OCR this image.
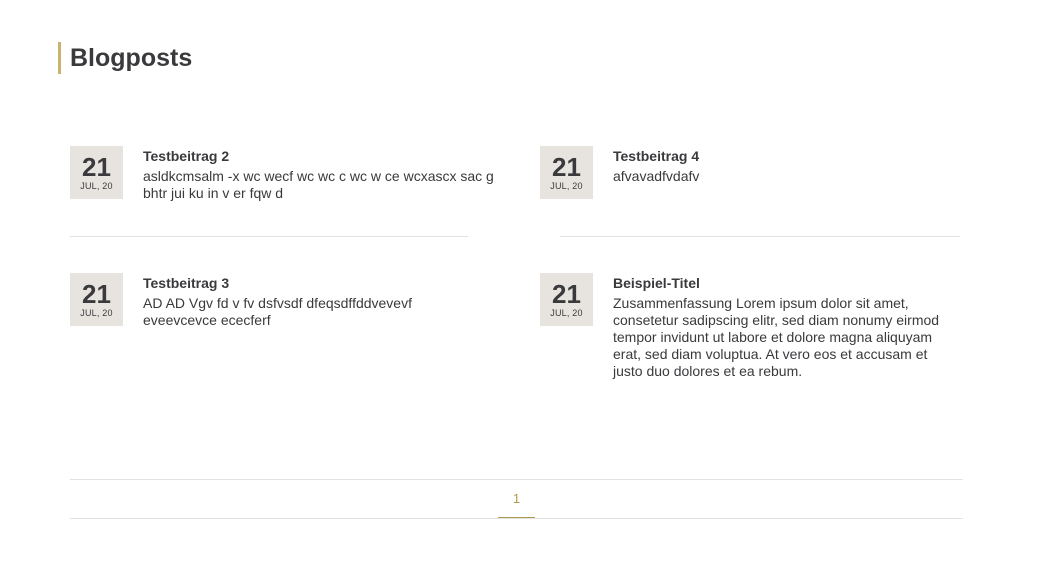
Blogposts
21
JUL, 20
Testbeitrag 2
asldkcmsalm -x wc wecf wc wc c wc w ce wcxascx sac g bhtr jui ku in v er fqw d
21
JUL, 20
Testbeitrag 4
afvavadfvdafv
21
JUL, 20
Testbeitrag 3
AD AD Vgv fd v fv dsfvsdf dfeqsdffddvevevf eveevcevce ececferf
21
JUL, 20
Beispiel-Titel
Zusammenfassung Lorem ipsum dolor sit amet, consetetur sadipscing elitr, sed diam nonumy eirmod tempor invidunt ut labore et dolore magna aliquyam erat, sed diam voluptua. At vero eos et accusam et justo duo dolores et ea rebum.
1
